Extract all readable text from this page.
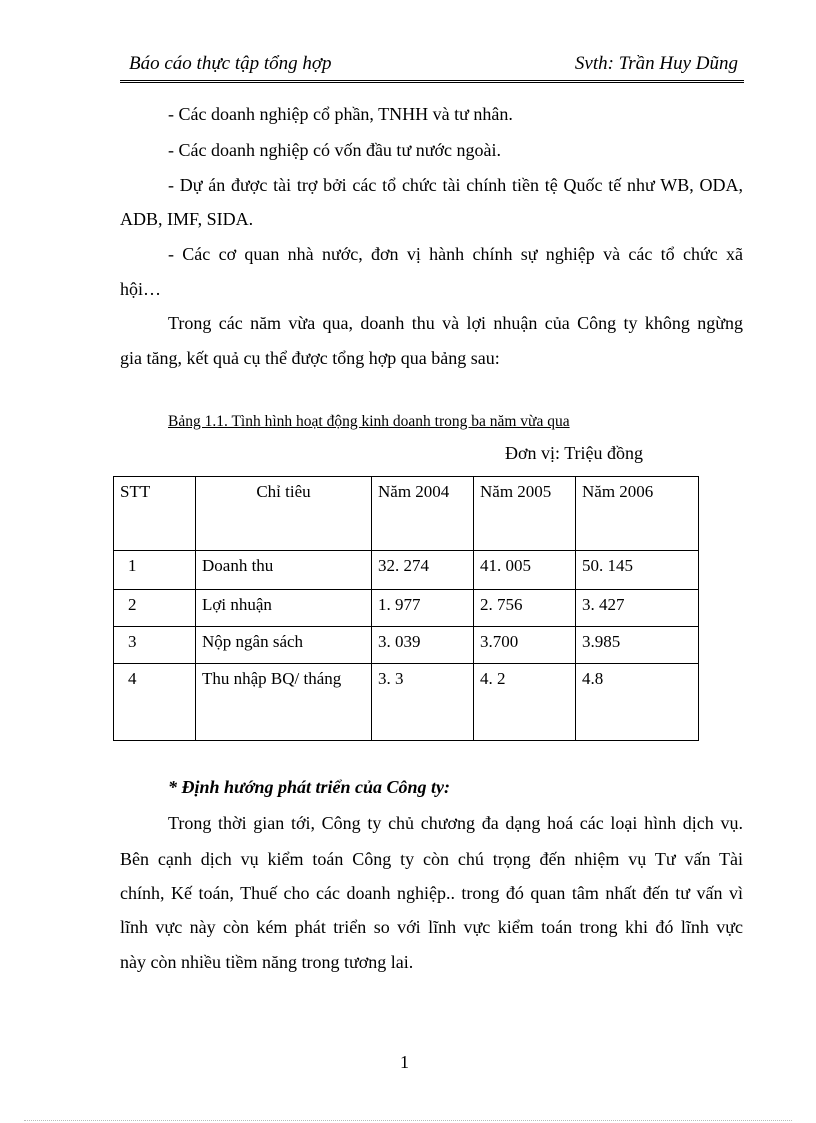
Báo cáo thực tập tổng hợp	Svth: Trần Huy Dũng
- Các doanh nghiệp cổ phần, TNHH và tư nhân.
- Các doanh nghiệp có vốn đầu tư nước ngoài.
- Dự án được tài trợ bởi các tổ chức tài chính tiền tệ Quốc tế như WB, ODA,
ADB, IMF, SIDA.
- Các cơ quan nhà nước, đơn vị hành chính sự nghiệp và các tổ chức xã
hội…
Trong các năm vừa qua, doanh thu và lợi nhuận của Công ty không ngừng
gia tăng, kết quả cụ thể được tổng hợp qua bảng sau:
Bảng 1.1. Tình hình hoạt động kinh doanh trong ba năm vừa qua
Đơn vị: Triệu đồng
STT	Chỉ tiêu	Năm 2004	Năm 2005	Năm 2006
1	Doanh thu	32. 274	41. 005	50. 145
2	Lợi nhuận	1. 977	2. 756	3. 427
3	Nộp ngân sách	3. 039	3.700	3.985
4	Thu nhập BQ/ tháng	3. 3	4. 2	4.8
* Định hướng phát triển của Công ty:
Trong thời gian tới, Công ty chủ chương đa dạng hoá các loại hình dịch vụ.
Bên cạnh dịch vụ kiểm toán Công ty còn chú trọng đến nhiệm vụ Tư vấn Tài
chính, Kế toán, Thuế cho các doanh nghiệp.. trong đó quan tâm nhất đến tư vấn vì
lĩnh vực này còn kém phát triển so với lĩnh vực kiểm toán trong khi đó lĩnh vực
này còn nhiều tiềm năng trong tương lai.
1
